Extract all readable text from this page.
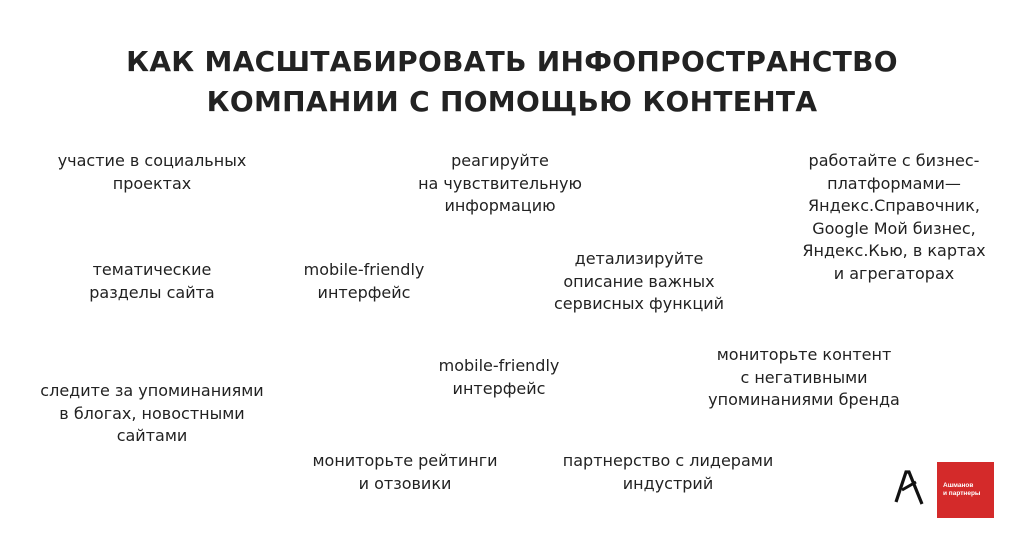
КАК МАСШТАБИРОВАТЬ ИНФОПРОСТРАНСТВО
КОМПАНИИ С ПОМОЩЬЮ КОНТЕНТА
участие в социальных
проектах
реагируйте
на чувствительную
информацию
работайте с бизнес-
платформами—
Яндекс.Справочник,
Google Мой бизнес,
Яндекс.Кью, в картах
и агрегаторах
тематические
разделы сайта
mobile-friendly
интерфейс
детализируйте
описание важных
сервисных функций
mobile-friendly
интерфейс
мониторьте контент
с негативными
упоминаниями бренда
следите за упоминаниями
в блогах, новостными
сайтами
мониторьте рейтинги
и отзовики
партнерство с лидерами
индустрий	Ашманов
и партнеры
